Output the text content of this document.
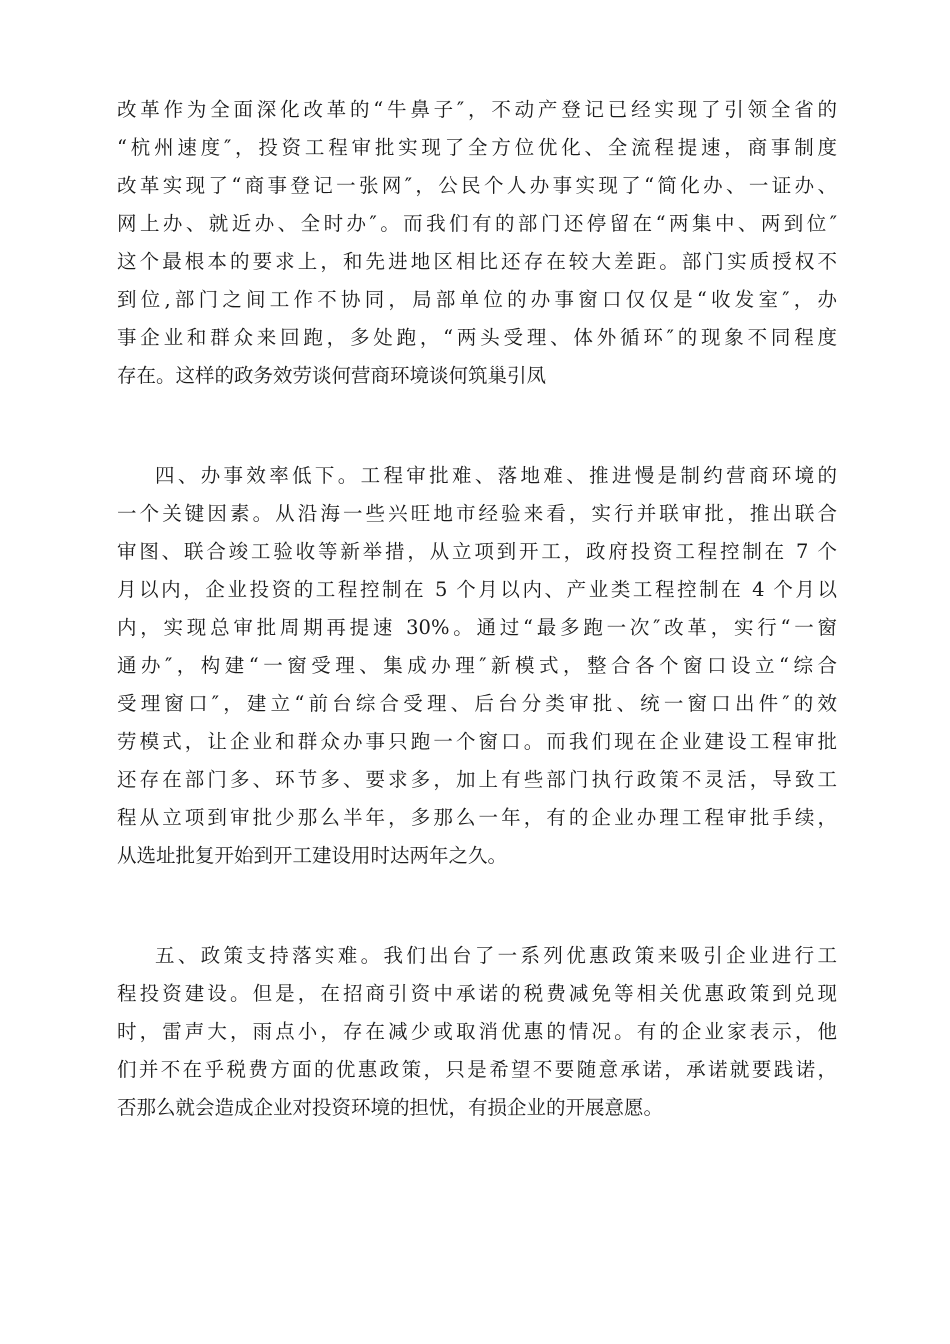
改革作为全面深化改革的“牛鼻子″，不动产登记已经实现了引领全省的
“杭州速度″，投资工程审批实现了全方位优化、全流程提速，商事制度
改革实现了“商事登记一张网″，公民个人办事实现了“简化办、一证办、
网上办、就近办、全时办″。而我们有的部门还停留在“两集中、两到位″
这个最根本的要求上，和先进地区相比还存在较大差距。部门实质授权不
到位,部门之间工作不协同，局部单位的办事窗口仅仅是“收发室″，办
事企业和群众来回跑，多处跑，“两头受理、体外循环″的现象不同程度
存在。这样的政务效劳谈何营商环境谈何筑巢引凤
四、办事效率低下。工程审批难、落地难、推进慢是制约营商环境的
一个关键因素。从沿海一些兴旺地市经验来看，实行并联审批，推出联合
审图、联合竣工验收等新举措，从立项到开工，政府投资工程控制在 7 个
月以内，企业投资的工程控制在 5 个月以内、产业类工程控制在 4 个月以
内，实现总审批周期再提速 30%。通过“最多跑一次″改革，实行“一窗
通办″，构建“一窗受理、集成办理″新模式，整合各个窗口设立“综合
受理窗口″，建立“前台综合受理、后台分类审批、统一窗口出件″的效
劳模式，让企业和群众办事只跑一个窗口。而我们现在企业建设工程审批
还存在部门多、环节多、要求多，加上有些部门执行政策不灵活，导致工
程从立项到审批少那么半年，多那么一年，有的企业办理工程审批手续，
从选址批复开始到开工建设用时达两年之久。
五、政策支持落实难。我们出台了一系列优惠政策来吸引企业进行工
程投资建设。但是，在招商引资中承诺的税费减免等相关优惠政策到兑现
时，雷声大，雨点小，存在减少或取消优惠的情况。有的企业家表示，他
们并不在乎税费方面的优惠政策，只是希望不要随意承诺，承诺就要践诺，
否那么就会造成企业对投资环境的担忧，有损企业的开展意愿。
